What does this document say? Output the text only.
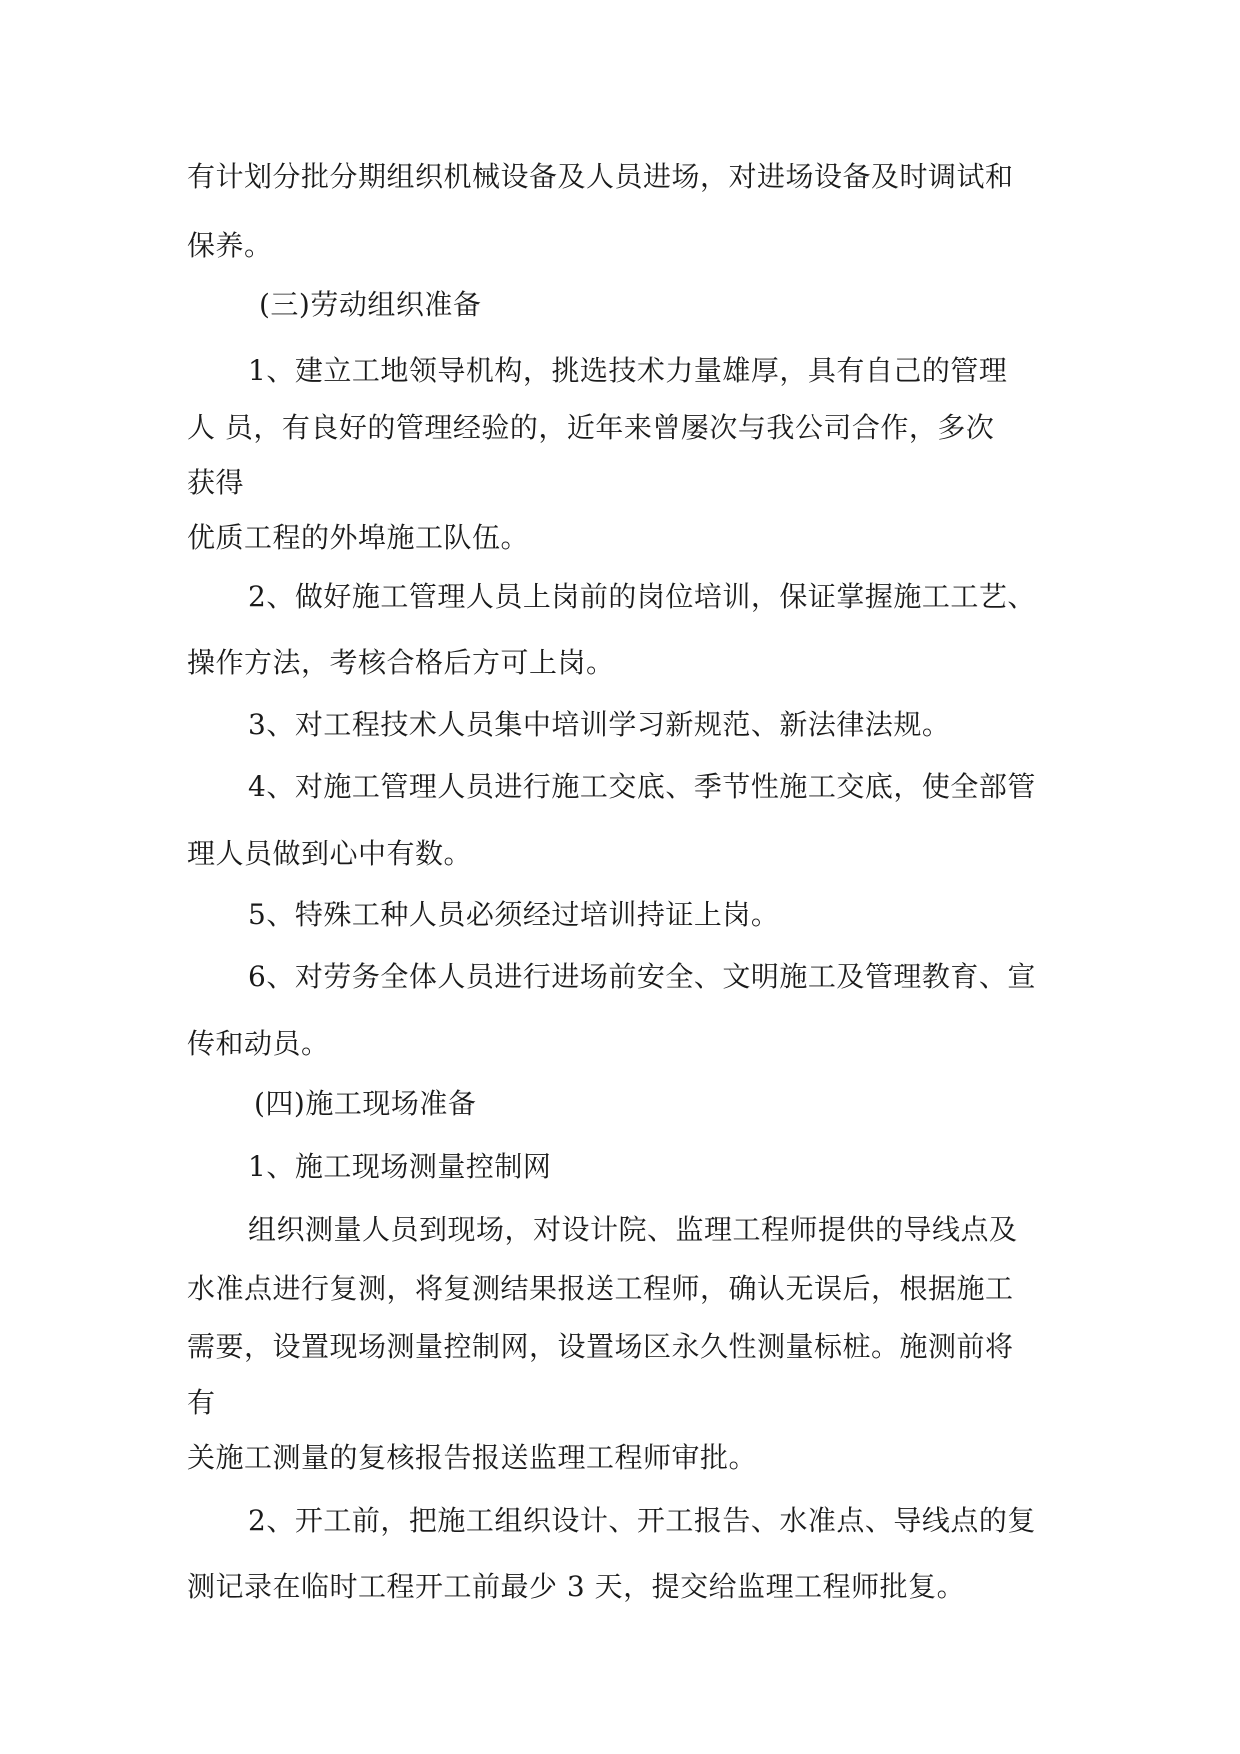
有计划分批分期组织机械设备及人员进场，对进场设备及时调试和
保养。
(三)劳动组织准备
1、建立工地领导机构，挑选技术力量雄厚，具有自己的管理
人 员，有良好的管理经验的，近年来曾屡次与我公司合作，多次
获得
优质工程的外埠施工队伍。
2、做好施工管理人员上岗前的岗位培训，保证掌握施工工艺、
操作方法，考核合格后方可上岗。
3、对工程技术人员集中培训学习新规范、新法律法规。
4、对施工管理人员进行施工交底、季节性施工交底，使全部管
理人员做到心中有数。
5、特殊工种人员必须经过培训持证上岗。
6、对劳务全体人员进行进场前安全、文明施工及管理教育、宣
传和动员。
(四)施工现场准备
1、施工现场测量控制网
组织测量人员到现场，对设计院、监理工程师提供的导线点及
水准点进行复测，将复测结果报送工程师，确认无误后，根据施工
需要，设置现场测量控制网，设置场区永久性测量标桩。施测前将
有
关施工测量的复核报告报送监理工程师审批。
2、开工前，把施工组织设计、开工报告、水准点、导线点的复
测记录在临时工程开工前最少 3 天，提交给监理工程师批复。
